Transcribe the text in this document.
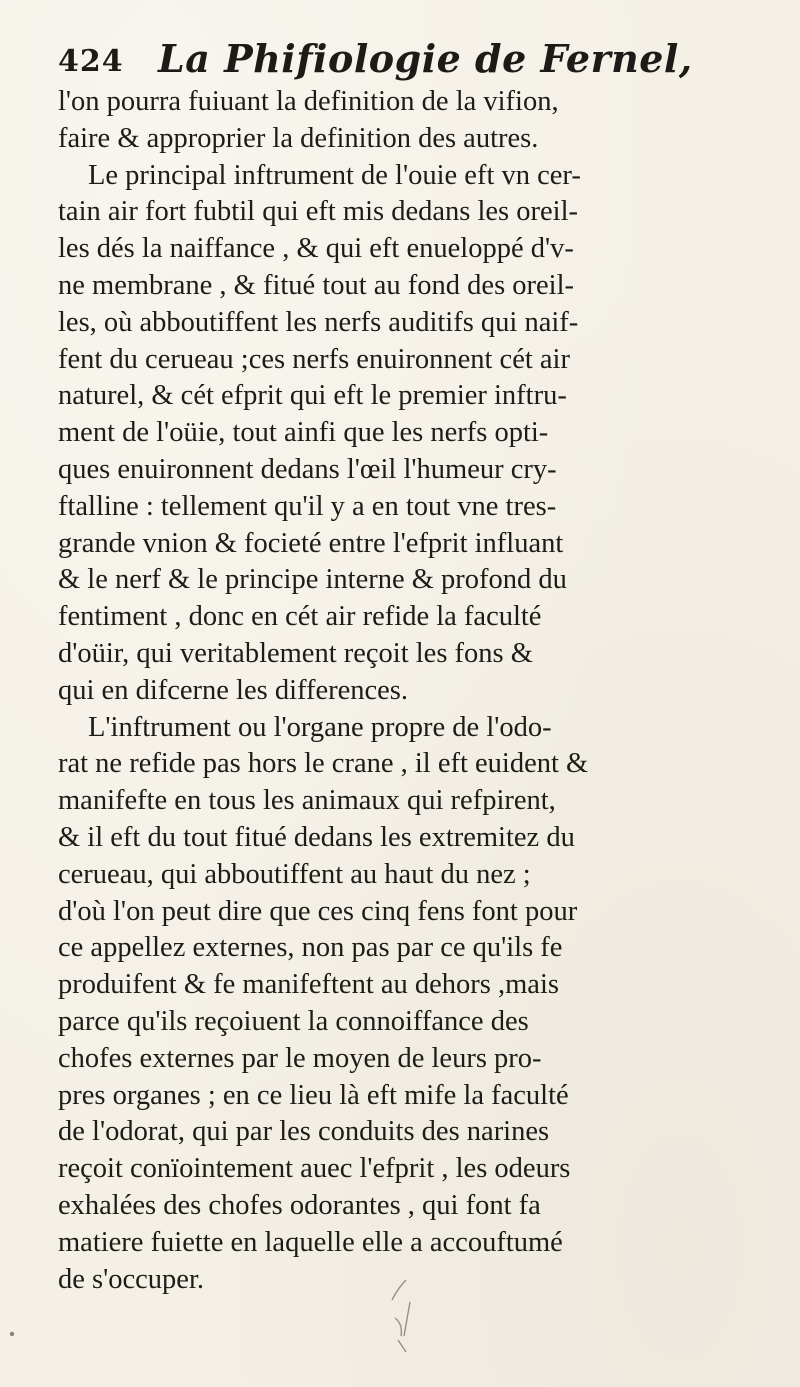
424 La Phifiologie de Fernel,
l'on pourra fuiuant la definition de la vifion,
faire & approprier la definition des autres.
Le principal inftrument de l'ouie eft vn cer-
tain air fort fubtil qui eft mis dedans les oreil-
les dés la naiffance , & qui eft enueloppé d'v-
ne membrane , & fitué tout au fond des oreil-
les, où abboutiffent les nerfs auditifs qui naif-
fent du cerueau ;ces nerfs enuironnent cét air
naturel, & cét efprit qui eft le premier inftru-
ment de l'oüie, tout ainfi que les nerfs opti-
ques enuironnent dedans l'œil l'humeur cry-
ftalline : tellement qu'il y a en tout vne tres-
grande vnion & focieté entre l'efprit influant
& le nerf & le principe interne & profond du
fentiment , donc en cét air refide la faculté
d'oüir, qui veritablement reçoit les fons &
qui en difcerne les differences.
L'inftrument ou l'organe propre de l'odo-
rat ne refide pas hors le crane , il eft euident &
manifefte en tous les animaux qui refpirent,
& il eft du tout fitué dedans les extremitez du
cerueau, qui abboutiffent au haut du nez ;
d'où l'on peut dire que ces cinq fens font pour
ce appellez externes, non pas par ce qu'ils fe
produifent & fe manifeftent au dehors ,mais
parce qu'ils reçoiuent la connoiffance des
chofes externes par le moyen de leurs pro-
pres organes ; en ce lieu là eft mife la faculté
de l'odorat, qui par les conduits des narines
reçoit conïointement auec l'efprit , les odeurs
exhalées des chofes odorantes , qui font fa
matiere fuiette en laquelle elle a accouftumé
de s'occuper.
